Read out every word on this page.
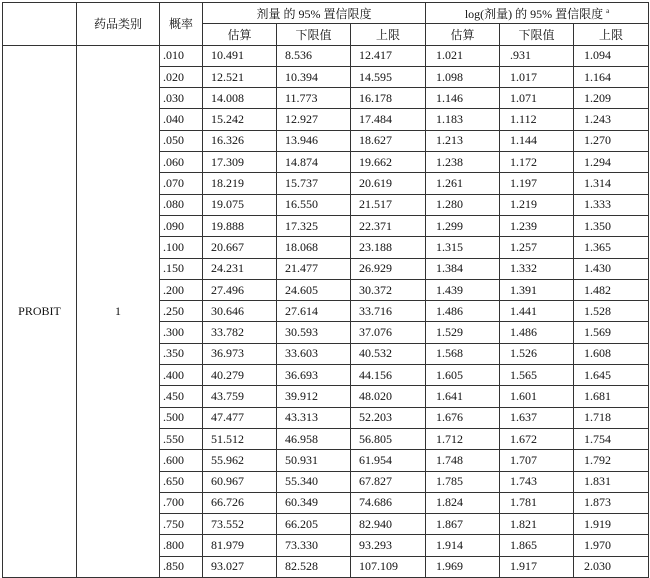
	药品类别	概率	剂量 的 95% 置信限度			log(剂量) 的 95% 置信限度 $^a$
			估算	下限值	上限	估算	下限值	上限
PROBIT	1	.010	10.491	8.536	12.417	1.021	.931	1.094
		.020	12.521	10.394	14.595	1.098	1.017	1.164
		.030	14.008	11.773	16.178	1.146	1.071	1.209
		.040	15.242	12.927	17.484	1.183	1.112	1.243
		.050	16.326	13.946	18.627	1.213	1.144	1.270
		.060	17.309	14.874	19.662	1.238	1.172	1.294
		.070	18.219	15.737	20.619	1.261	1.197	1.314
		.080	19.075	16.550	21.517	1.280	1.219	1.333
		.090	19.888	17.325	22.371	1.299	1.239	1.350
		.100	20.667	18.068	23.188	1.315	1.257	1.365
		.150	24.231	21.477	26.929	1.384	1.332	1.430
		.200	27.496	24.605	30.372	1.439	1.391	1.482
		.250	30.646	27.614	33.716	1.486	1.441	1.528
		.300	33.782	30.593	37.076	1.529	1.486	1.569
		.350	36.973	33.603	40.532	1.568	1.526	1.608
		.400	40.279	36.693	44.156	1.605	1.565	1.645
		.450	43.759	39.912	48.020	1.641	1.601	1.681
		.500	47.477	43.313	52.203	1.676	1.637	1.718
		.550	51.512	46.958	56.805	1.712	1.672	1.754
		.600	55.962	50.931	61.954	1.748	1.707	1.792
		.650	60.967	55.340	67.827	1.785	1.743	1.831
		.700	66.726	60.349	74.686	1.824	1.781	1.873
		.750	73.552	66.205	82.940	1.867	1.821	1.919
		.800	81.979	73.330	93.293	1.914	1.865	1.970
		.850	93.027	82.528	107.109	1.969	1.917	2.030
